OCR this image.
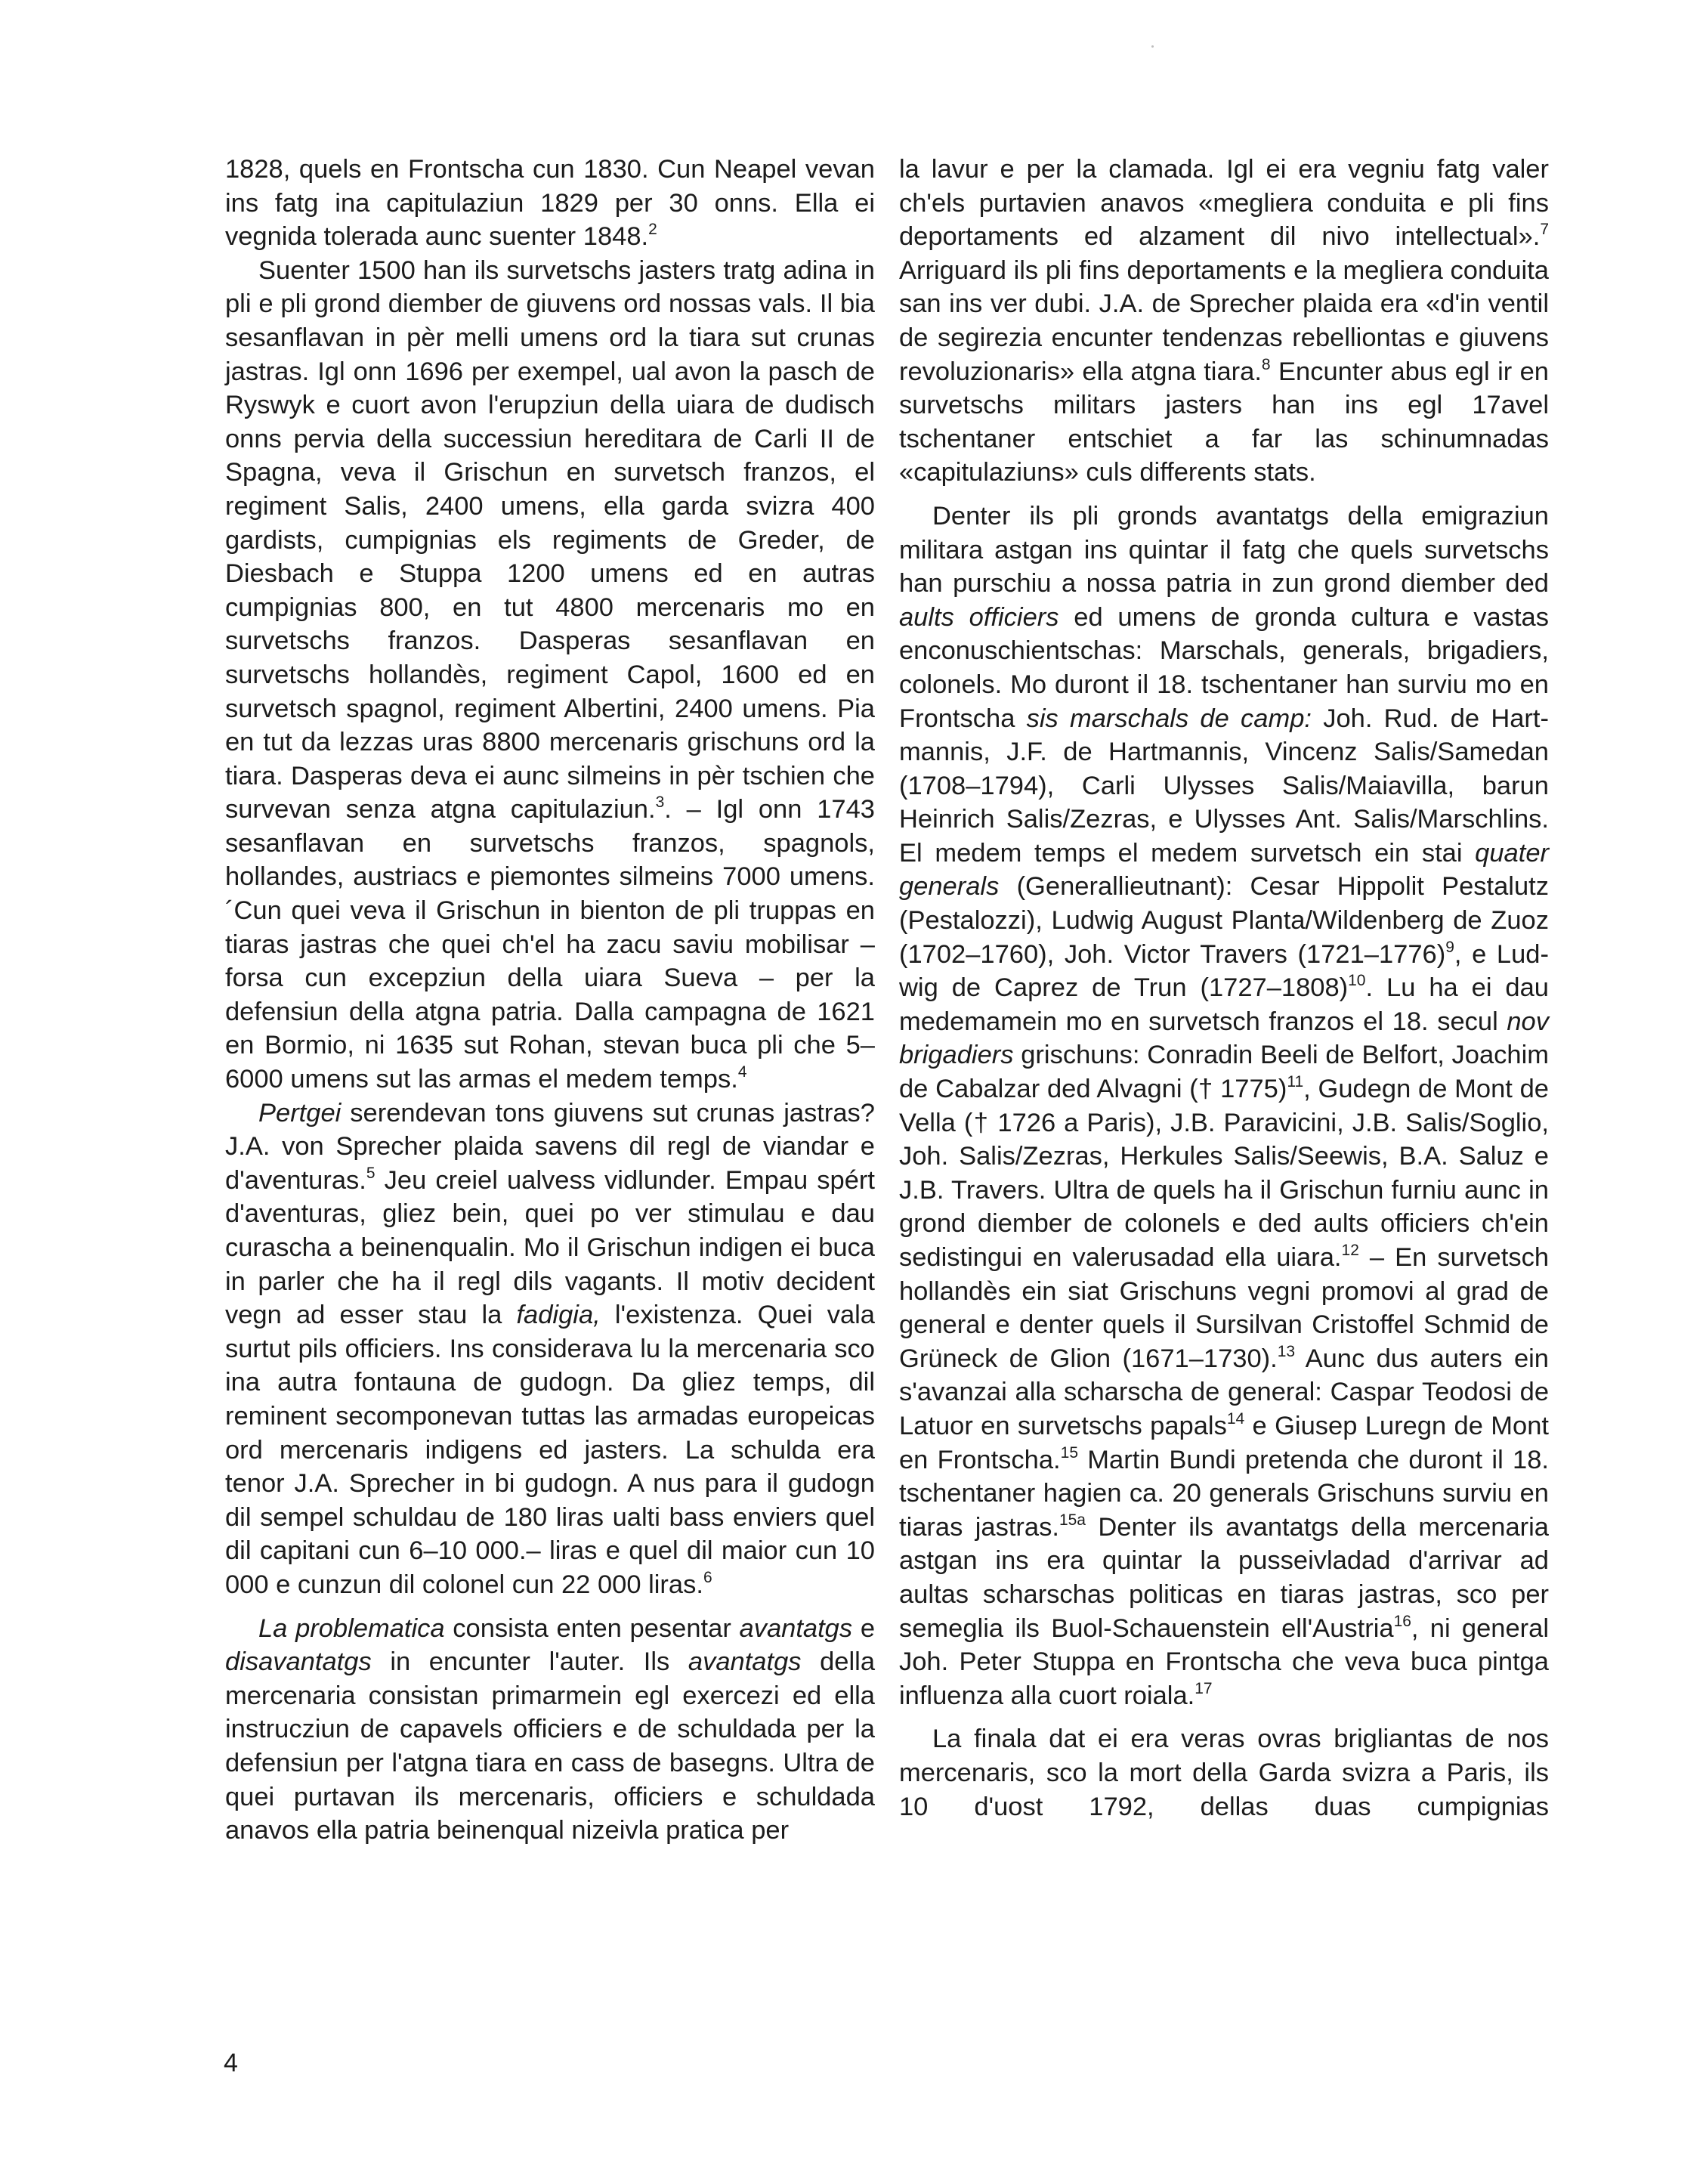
1828, quels en Frontscha cun 1830. Cun Neapel vevan ins fatg ina capitulaziun 1829 per 30 onns. Ella ei vegnida tolerada aunc suenter 1848.$^2$

Suenter 1500 han ils survetschs jasters tratg adina in pli e pli grond diember de giuvens ord nossas vals. Il bia sesanflavan in pèr melli umens ord la tiara sut crunas jastras. Igl onn 1696 per exempel, ual avon la pasch de Ryswyk e cuort avon l'erupziun della uiara de dudisch onns pervia della successiun hereditara de Carli II de Spagna, veva il Grischun en survetsch franzos, el regiment Salis, 2400 umens, ella garda svizra 400 gardists, cumpignias els regiments de Greder, de Diesbach e Stuppa 1200 umens ed en autras cumpignias 800, en tut 4800 mercenaris mo en survetschs franzos. Dasperas sesanflavan en survetschs hollandès, regiment Capol, 1600 ed en survetsch spagnol, regiment Albertini, 2400 umens. Pia en tut da lezzas uras 8800 mercenaris grischuns ord la tiara. Dasperas deva ei aunc silmeins in pèr tschien che survevan senza atgna capitulaziun.$^3$. – Igl onn 1743 sesanflavan en survetschs franzos, spagnols, hollandes, austriacs e piemontes silmeins 7000 umens. ´Cun quei veva il Grischun in bienton de pli truppas en tiaras jastras che quei ch'el ha zacu saviu mobilisar – forsa cun excepziun della uiara Sueva – per la defensiun della atgna patria. Dalla campagna de 1621 en Bormio, ni 1635 sut Rohan, stevan buca pli che 5–6000 umens sut las armas el medem temps.$^4$

Pertgei serendevan tons giuvens sut crunas jastras? J.A. von Sprecher plaida savens dil regl de viandar e d'aventuras.$^5$ Jeu creiel ualvess vidlunder. Empau spért d'aventuras, gliez bein, quei po ver stimulau e dau curascha a beinenqualin. Mo il Grischun indigen ei buca in parler che ha il regl dils vagants. Il motiv decident vegn ad esser stau la fadigia, l'existenza. Quei vala surtut pils officiers. Ins considerava lu la mercenaria sco ina autra fontauna de gudogn. Da gliez temps, dil reminent secomponevan tuttas las armadas europeicas ord mercenaris indigens ed jasters. La schulda era tenor J.A. Sprecher in bi gudogn. A nus para il gudogn dil sempel schuldau de 180 liras ualti bass enviers quel dil capitani cun 6–10 000.– liras e quel dil maior cun 10 000 e cunzun dil colonel cun 22 000 liras.$^6$

La problematica consista enten pesentar avantatgs e disavantatgs in encunter l'auter. Ils avantatgs della mercenaria consistan primarmein egl exercezi ed ella instrucziun de capavels officiers e de schuldada per la defensiun per l'atgna tiara en cass de basegns. Ultra de quei purtavan ils mercenaris, officiers e schuldada anavos ella patria beinenqual nizeivla pratica per

la lavur e per la clamada. Igl ei era vegniu fatg valer ch'els purtavien anavos «megliera conduita e pli fins deportaments ed alzament dil nivo intellectual».$^7$ Arriguard ils pli fins deportaments e la megliera conduita san ins ver dubi. J.A. de Sprecher plaida era «d'in ventil de segirezia encunter tendenzas rebelliontas e giuvens revoluzionaris» ella atgna tiara.$^8$ Encunter abus egl ir en survetschs militars jasters han ins egl 17avel tschentaner entschiet a far las schinumnadas «capitulaziuns» culs differents stats.

Denter ils pli gronds avantatgs della emigraziun militara astgan ins quintar il fatg che quels survetschs han purschiu a nossa patria in zun grond diember ded aults officiers ed umens de gronda cultura e vastas enconuschientschas: Marschals, generals, brigadiers, colonels. Mo duront il 18. tschentaner han surviu mo en Frontscha sis marschals de camp: Joh. Rud. de Hartmannis, J.F. de Hartmannis, Vincenz Salis/Samedan (1708–1794), Carli Ulysses Salis/Maiavilla, barun Heinrich Salis/Zezras, e Ulysses Ant. Salis/Marschlins. El medem temps el medem survetsch ein stai quater generals (Generallieutnant): Cesar Hippolit Pestalutz (Pestalozzi), Ludwig August Planta/Wildenberg de Zuoz (1702–1760), Joh. Victor Travers (1721–1776)$^9$, e Ludwig de Caprez de Trun (1727–1808)$^{10}$. Lu ha ei dau medemamein mo en survetsch franzos el 18. secul nov brigadiers grischuns: Conradin Beeli de Belfort, Joachim de Cabalzar ded Alvagni († 1775)$^{11}$, Gudegn de Mont de Vella († 1726 a Paris), J.B. Paravicini, J.B. Salis/Soglio, Joh. Salis/Zezras, Herkules Salis/Seewis, B.A. Saluz e J.B. Travers. Ultra de quels ha il Grischun furniu aunc in grond diember de colonels e ded aults officiers ch'ein sedistingui en valerusadad ella uiara.$^{12}$ – En survetsch hollandès ein siat Grischuns vegni promovi al grad de general e denter quels il Sursilvan Cristoffel Schmid de Grüneck de Glion (1671–1730).$^{13}$ Aunc dus auters ein s'avanzai alla scharscha de general: Caspar Teodosi de Latuor en survetschs papals$^{14}$ e Giusep Luregn de Mont en Frontscha.$^{15}$ Martin Bundi pretenda che duront il 18. tschentaner hagien ca. 20 generals Grischuns surviu en tiaras jastras.$^{15a}$ Denter ils avantatgs della mercenaria astgan ins era quintar la pusseivladad d'arrivar ad aultas scharschas politicas en tiaras jastras, sco per semeglia ils Buol-Schauenstein ell'Austria$^{16}$, ni general Joh. Peter Stuppa en Frontscha che veva buca pintga influenza alla cuort roiala.$^{17}$

La finala dat ei era veras ovras brigliantas de nos mercenaris, sco la mort della Garda svizra a Paris, ils 10 d'uost 1792, dellas duas cumpignias

4
